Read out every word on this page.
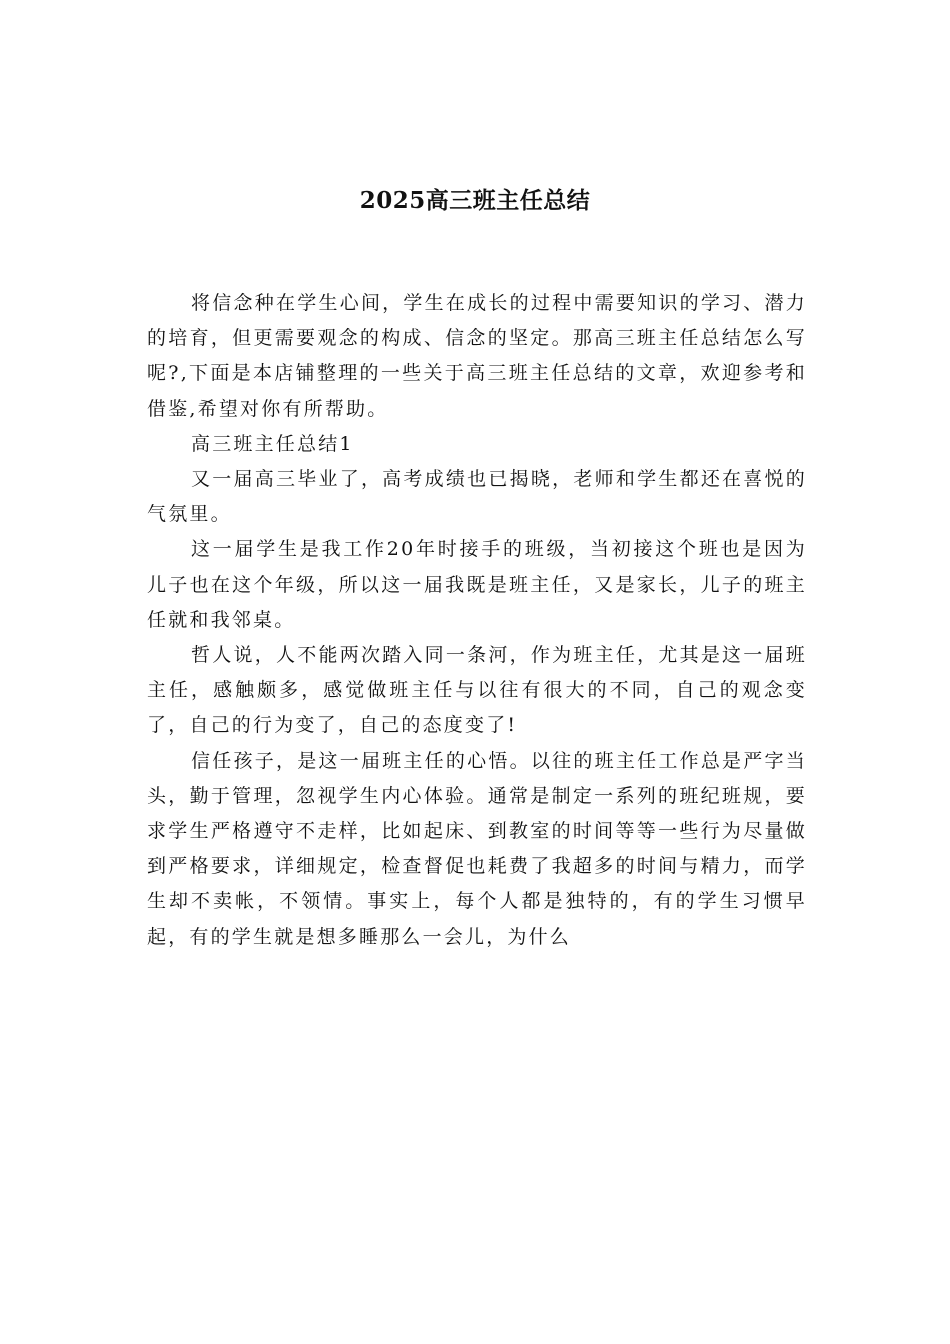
2025高三班主任总结

将信念种在学生心间，学生在成长的过程中需要知识的学习、潜力的培育，但更需要观念的构成、信念的坚定。那高三班主任总结怎么写呢?,下面是本店铺整理的一些关于高三班主任总结的文章，欢迎参考和借鉴,希望对你有所帮助。

高三班主任总结1

又一届高三毕业了，高考成绩也已揭晓，老师和学生都还在喜悦的气氛里。

这一届学生是我工作20年时接手的班级，当初接这个班也是因为儿子也在这个年级，所以这一届我既是班主任，又是家长，儿子的班主任就和我邻桌。

哲人说，人不能两次踏入同一条河，作为班主任，尤其是这一届班主任，感触颇多，感觉做班主任与以往有很大的不同，自己的观念变了，自己的行为变了，自己的态度变了!

信任孩子，是这一届班主任的心悟。以往的班主任工作总是严字当头，勤于管理，忽视学生内心体验。通常是制定一系列的班纪班规，要求学生严格遵守不走样，比如起床、到教室的时间等等一些行为尽量做到严格要求，详细规定，检查督促也耗费了我超多的时间与精力，而学生却不卖帐，不领情。事实上，每个人都是独特的，有的学生习惯早起，有的学生就是想多睡那么一会儿，为什么
